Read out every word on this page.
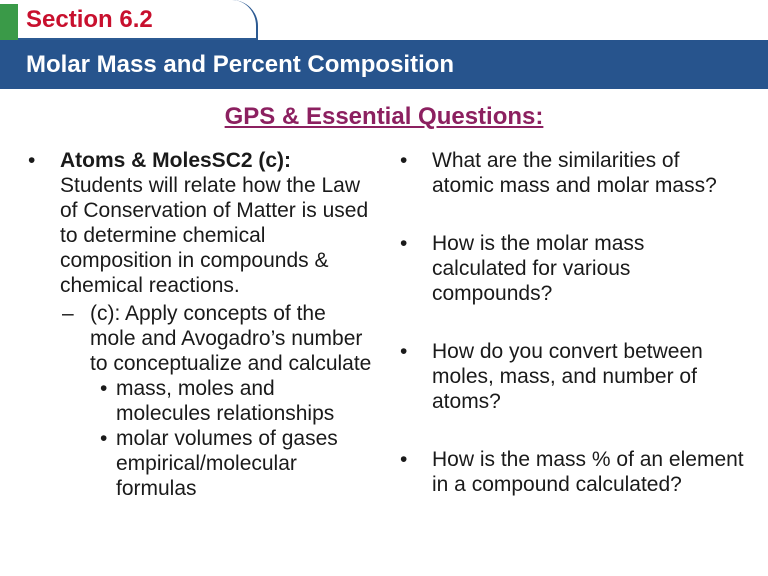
Section 6.2
Molar Mass and Percent Composition
GPS & Essential Questions:
• Atoms & MolesSC2 (c): Students will relate how the Law of Conservation of Matter is used to determine chemical composition in compounds & chemical reactions.
– (c): Apply concepts of the mole and Avogadro’s number to conceptualize and calculate
• mass, moles and molecules relationships
• molar volumes of gases empirical/molecular formulas
• What are the similarities of atomic mass and molar mass?
• How is the molar mass calculated for various compounds?
• How do you convert between moles, mass, and number of atoms?
• How is the mass % of an element in a compound calculated?
